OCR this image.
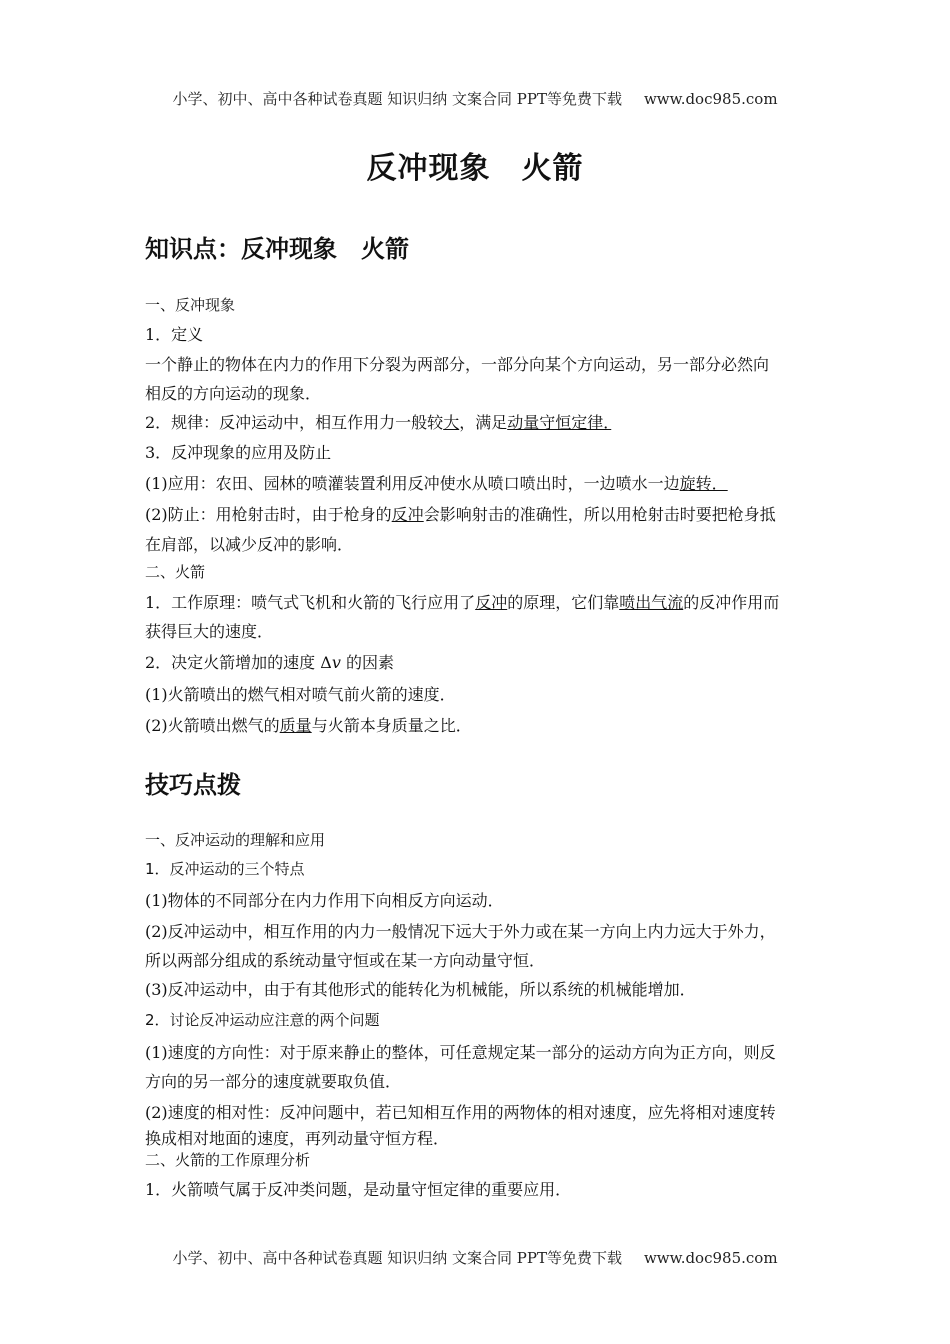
小学、初中、高中各种试卷真题 知识归纳 文案合同 PPT等免费下载 www.doc985.com
反冲现象　火箭
知识点：反冲现象　火箭
一、反冲现象
1．定义
一个静止的物体在内力的作用下分裂为两部分，一部分向某个方向运动，另一部分必然向
相反的方向运动的现象．
2．规律：反冲运动中，相互作用力一般较大，满足动量守恒定律．　
3．反冲现象的应用及防止
(1)应用：农田、园林的喷灌装置利用反冲使水从喷口喷出时，一边喷水一边旋转．
(2)防止：用枪射击时，由于枪身的反冲会影响射击的准确性，所以用枪射击时要把枪身抵
在肩部，以减少反冲的影响．
二、火箭
1．工作原理：喷气式飞机和火箭的飞行应用了反冲的原理，它们靠喷出气流的反冲作用而
获得巨大的速度．
2．决定火箭增加的速度 Δv 的因素
(1)火箭喷出的燃气相对喷气前火箭的速度．
(2)火箭喷出燃气的质量与火箭本身质量之比．
技巧点拨
一、反冲运动的理解和应用
1．反冲运动的三个特点
(1)物体的不同部分在内力作用下向相反方向运动．
(2)反冲运动中，相互作用的内力一般情况下远大于外力或在某一方向上内力远大于外力，
所以两部分组成的系统动量守恒或在某一方向动量守恒．
(3)反冲运动中，由于有其他形式的能转化为机械能，所以系统的机械能增加．
2．讨论反冲运动应注意的两个问题
(1)速度的方向性：对于原来静止的整体，可任意规定某一部分的运动方向为正方向，则反
方向的另一部分的速度就要取负值．
(2)速度的相对性：反冲问题中，若已知相互作用的两物体的相对速度，应先将相对速度转
换成相对地面的速度，再列动量守恒方程．
二、火箭的工作原理分析
1．火箭喷气属于反冲类问题，是动量守恒定律的重要应用．
小学、初中、高中各种试卷真题 知识归纳 文案合同 PPT等免费下载 www.doc985.com
